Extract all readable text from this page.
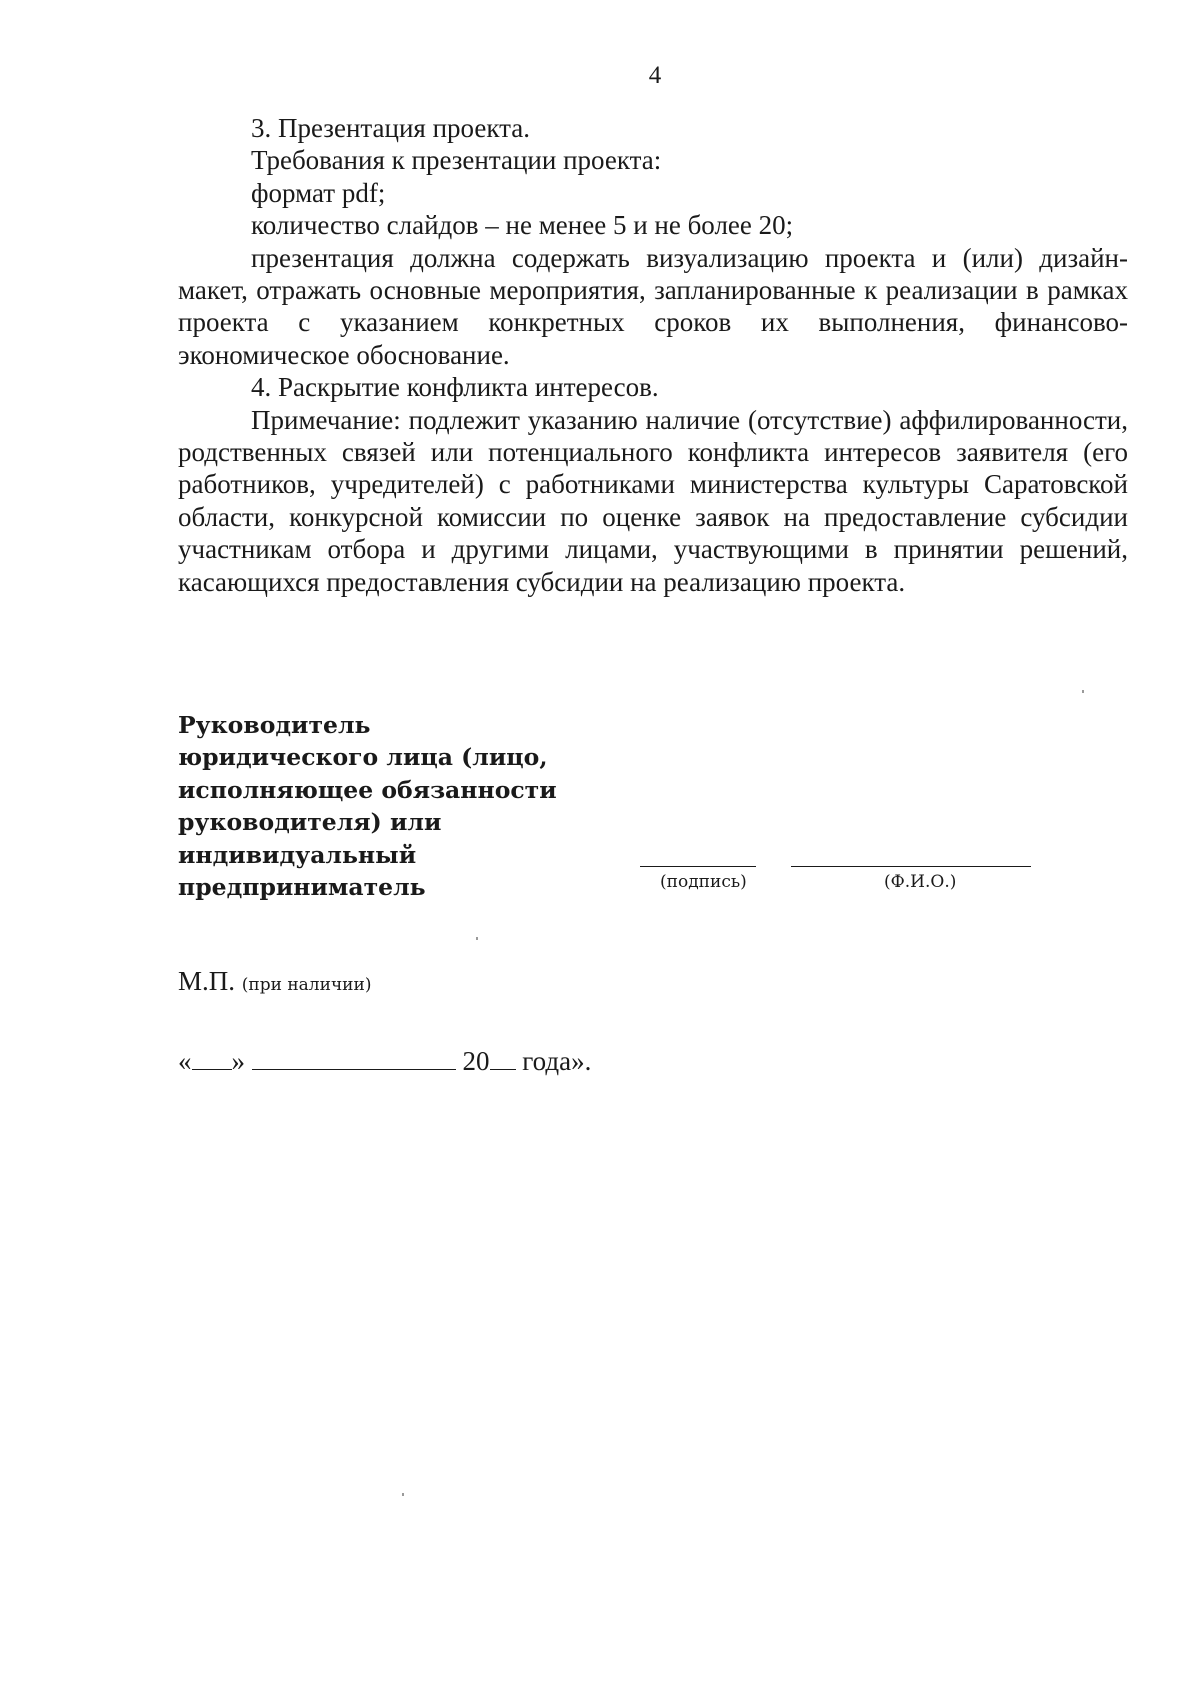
4

3. Презентация проекта.

Требования к презентации проекта:

формат pdf;

количество слайдов – не менее 5 и не более 20;

презентация должна содержать визуализацию проекта и (или) дизайн-макет, отражать основные мероприятия, запланированные к реализации в рамках проекта с указанием конкретных сроков их выполнения, финансово-экономическое обоснование.

4. Раскрытие конфликта интересов.

Примечание: подлежит указанию наличие (отсутствие) аффилированности, родственных связей или потенциального конфликта интересов заявителя (его работников, учредителей) с работниками министерства культуры Саратовской области, конкурсной комиссии по оценке заявок на предоставление субсидии участникам отбора и другими лицами, участвующими в принятии решений, касающихся предоставления субсидии на реализацию проекта.

Руководитель юридического лица (лицо, исполняющее обязанности руководителя) или индивидуальный предприниматель	(подпись)	(Ф.И.О.)
М.П. (при наличии)
« »	20 года».
